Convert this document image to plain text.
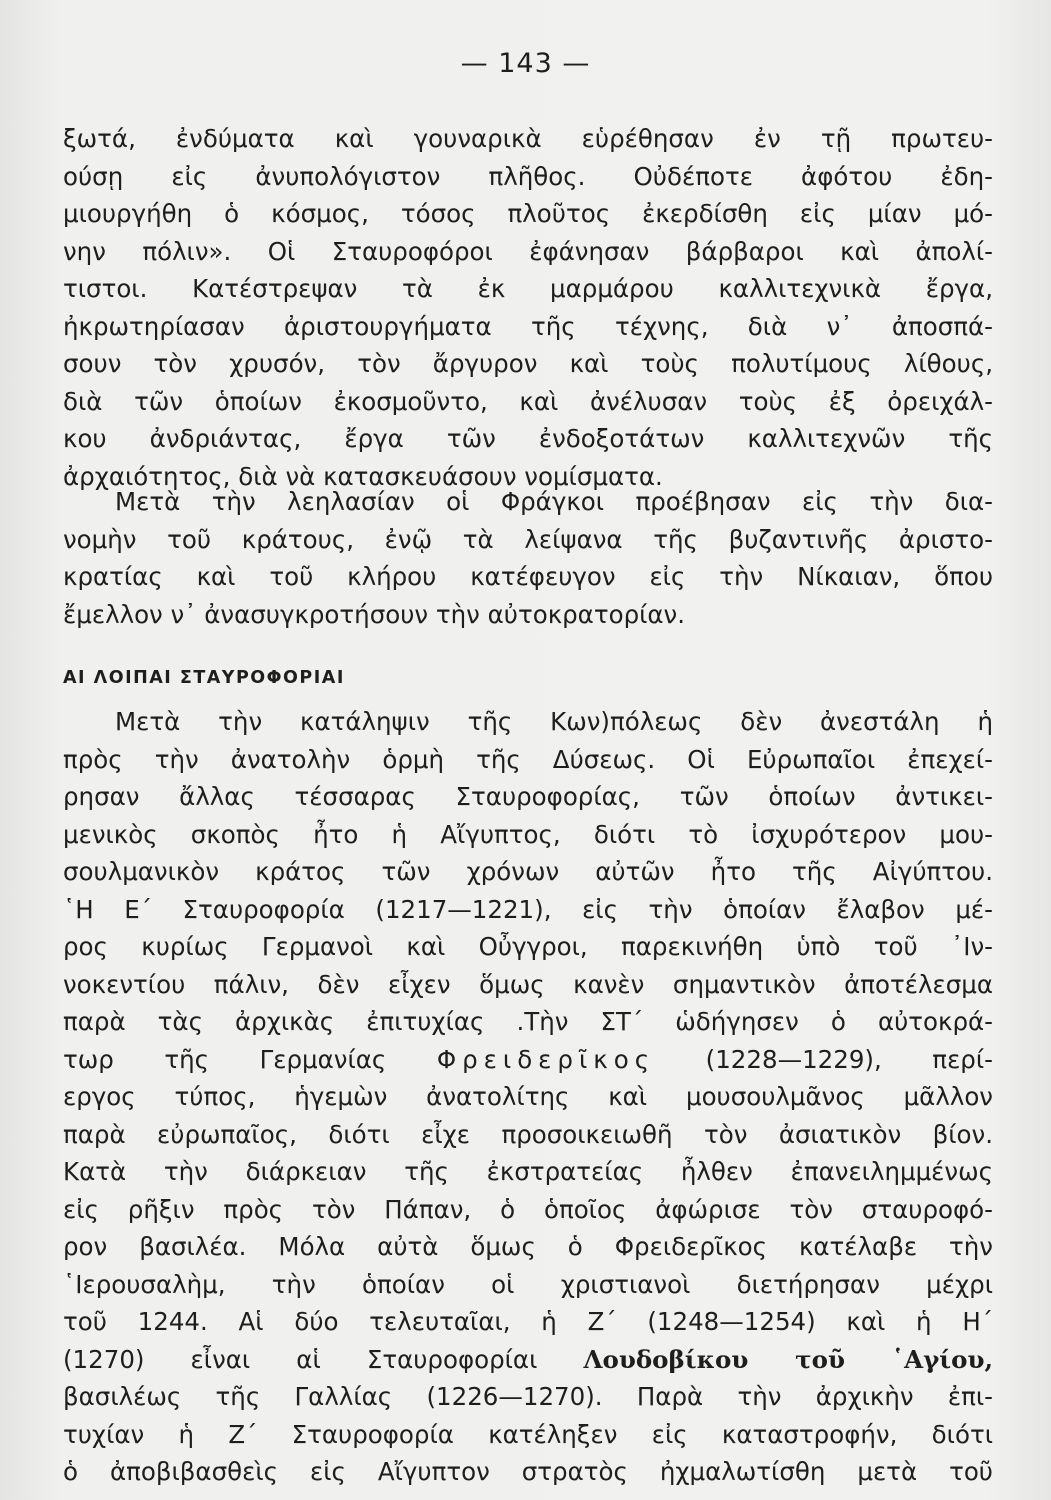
— 143 —
ξωτά, ἐνδύματα καὶ γουναρικὰ εὑρέθησαν ἐν τῇ πρωτευ-
ούσῃ εἰς ἀνυπολόγιστον πλῆθος. Οὐδέποτε ἀφότου ἐδη-
μιουργήθη ὁ κόσμος, τόσος πλοῦτος ἐκερδίσθη εἰς μίαν μό-
νην πόλιν». Οἱ Σταυροφόροι ἐφάνησαν βάρβαροι καὶ ἀπολί-
τιστοι. Κατέστρεψαν τὰ ἐκ μαρμάρου καλλιτεχνικὰ ἔργα,
ἠκρωτηρίασαν ἀριστουργήματα τῆς τέχνης, διὰ ν᾽ ἀποσπά-
σουν τὸν χρυσόν, τὸν ἄργυρον καὶ τοὺς πολυτίμους λίθους,
διὰ τῶν ὁποίων ἐκοσμοῦντο, καὶ ἀνέλυσαν τοὺς ἐξ ὀρειχάλ-
κου ἀνδριάντας, ἔργα τῶν ἐνδοξοτάτων καλλιτεχνῶν τῆς
ἀρχαιότητος, διὰ νὰ κατασκευάσουν νομίσματα.
Μετὰ τὴν λεηλασίαν οἱ Φράγκοι προέβησαν εἰς τὴν δια-
νομὴν τοῦ κράτους, ἐνῷ τὰ λείψανα τῆς βυζαντινῆς ἀριστο-
κρατίας καὶ τοῦ κλήρου κατέφευγον εἰς τὴν Νίκαιαν, ὅπου
ἔμελλον ν᾽ ἀνασυγκροτήσουν τὴν αὐτοκρατορίαν.
ΑΙ ΛΟΙΠΑΙ ΣΤΑΥΡΟΦΟΡΙΑΙ
Μετὰ τὴν κατάληψιν τῆς Κων)πόλεως δὲν ἀνεστάλη ἡ
πρὸς τὴν ἀνατολὴν ὁρμὴ τῆς Δύσεως. Οἱ Εὐρωπαῖοι ἐπεχεί-
ρησαν ἄλλας τέσσαρας Σταυροφορίας, τῶν ὁποίων ἀντικει-
μενικὸς σκοπὸς ἦτο ἡ Αἴγυπτος, διότι τὸ ἰσχυρότερον μου-
σουλμανικὸν κράτος τῶν χρόνων αὐτῶν ἦτο τῆς Αἰγύπτου.
῾Η Ε΄ Σταυροφορία (1217—1221), εἰς τὴν ὁποίαν ἔλαβον μέ-
ρος κυρίως Γερμανοὶ καὶ Οὖγγροι, παρεκινήθη ὑπὸ τοῦ ᾽Ιν-
νοκεντίου πάλιν, δὲν εἶχεν ὅμως κανὲν σημαντικὸν ἀποτέλεσμα
παρὰ τὰς ἀρχικὰς ἐπιτυχίας .Τὴν ΣΤ΄ ὡδήγησεν ὁ αὐτοκρά-
τωρ τῆς Γερμανίας Φρειδερῖκος (1228—1229), περί-
εργος τύπος, ἡγεμὼν ἀνατολίτης καὶ μουσουλμᾶνος μᾶλλον
παρὰ εὐρωπαῖος, διότι εἶχε προσοικειωθῆ τὸν ἀσιατικὸν βίον.
Κατὰ τὴν διάρκειαν τῆς ἐκστρατείας ἦλθεν ἐπανειλημμένως
εἰς ρῆξιν πρὸς τὸν Πάπαν, ὁ ὁποῖος ἀφώρισε τὸν σταυροφό-
ρον βασιλέα. Μόλα αὐτὰ ὅμως ὁ Φρειδερῖκος κατέλαβε τὴν
῾Ιερουσαλὴμ, τὴν ὁποίαν οἱ χριστιανοὶ διετήρησαν μέχρι
τοῦ 1244. Αἱ δύο τελευταῖαι, ἡ Ζ΄ (1248—1254) καὶ ἡ Η΄
(1270) εἶναι αἱ Σταυροφορίαι Λουδοβίκου τοῦ ῾Αγίου,
βασιλέως τῆς Γαλλίας (1226—1270). Παρὰ τὴν ἀρχικὴν ἐπι-
τυχίαν ἡ Ζ΄ Σταυροφορία κατέληξεν εἰς καταστροφήν, διότι
ὁ ἀποβιβασθεὶς εἰς Αἴγυπτον στρατὸς ἠχμαλωτίσθη μετὰ τοῦ
